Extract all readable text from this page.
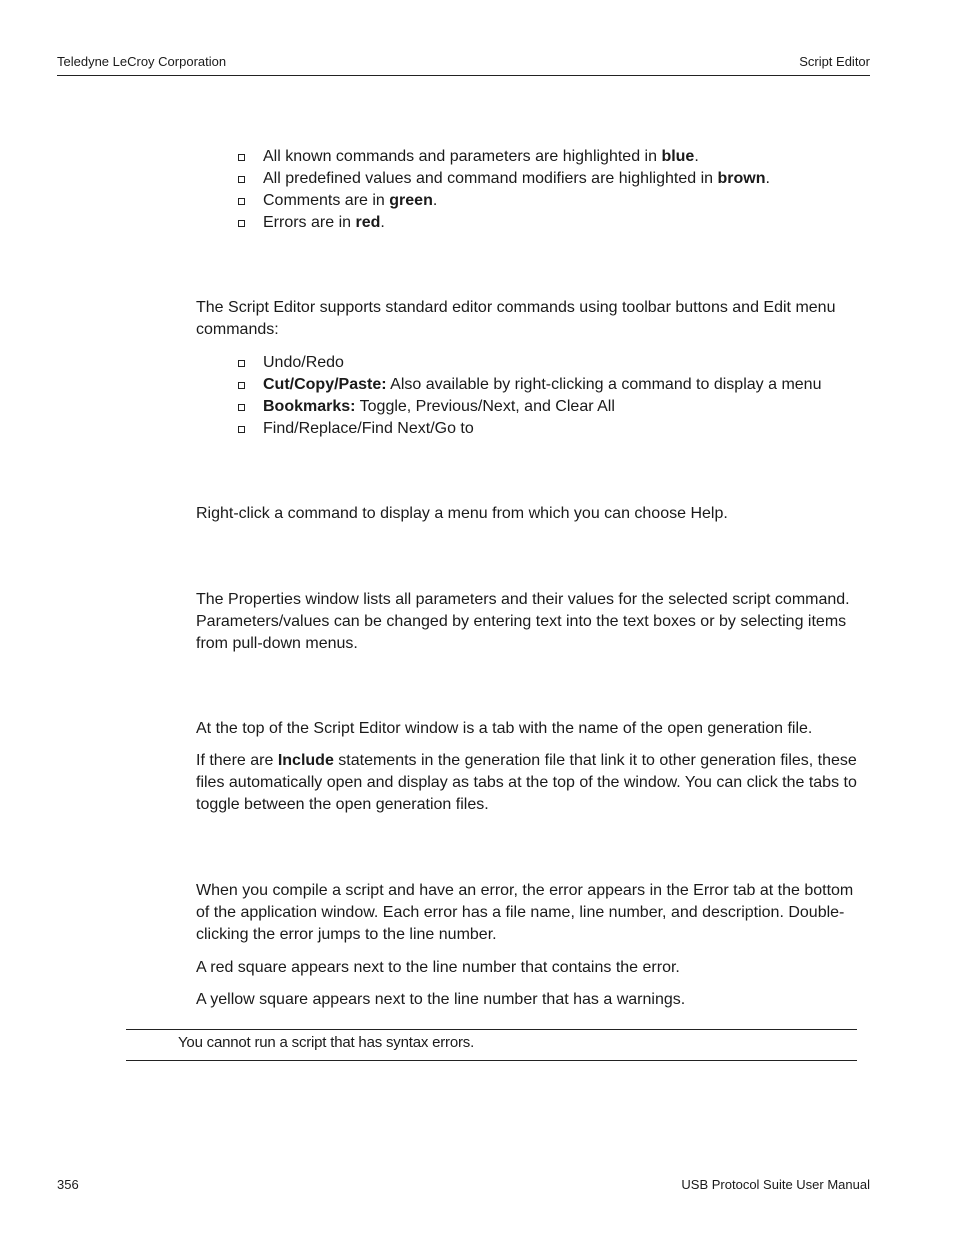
Teledyne LeCroy Corporation	Script Editor
All known commands and parameters are highlighted in blue.
All predefined values and command modifiers are highlighted in brown.
Comments are in green.
Errors are in red.

The Script Editor supports standard editor commands using toolbar buttons and Edit menu commands:

Undo/Redo
Cut/Copy/Paste: Also available by right-clicking a command to display a menu
Bookmarks: Toggle, Previous/Next, and Clear All
Find/Replace/Find Next/Go to

Right-click a command to display a menu from which you can choose Help.

The Properties window lists all parameters and their values for the selected script command. Parameters/values can be changed by entering text into the text boxes or by selecting items from pull-down menus.

At the top of the Script Editor window is a tab with the name of the open generation file.

If there are Include statements in the generation file that link it to other generation files, these files automatically open and display as tabs at the top of the window. You can click the tabs to toggle between the open generation files.

When you compile a script and have an error, the error appears in the Error tab at the bottom of the application window. Each error has a file name, line number, and description. Double-clicking the error jumps to the line number.

A red square appears next to the line number that contains the error.

A yellow square appears next to the line number that has a warnings.

You cannot run a script that has syntax errors.
356	USB Protocol Suite User Manual
